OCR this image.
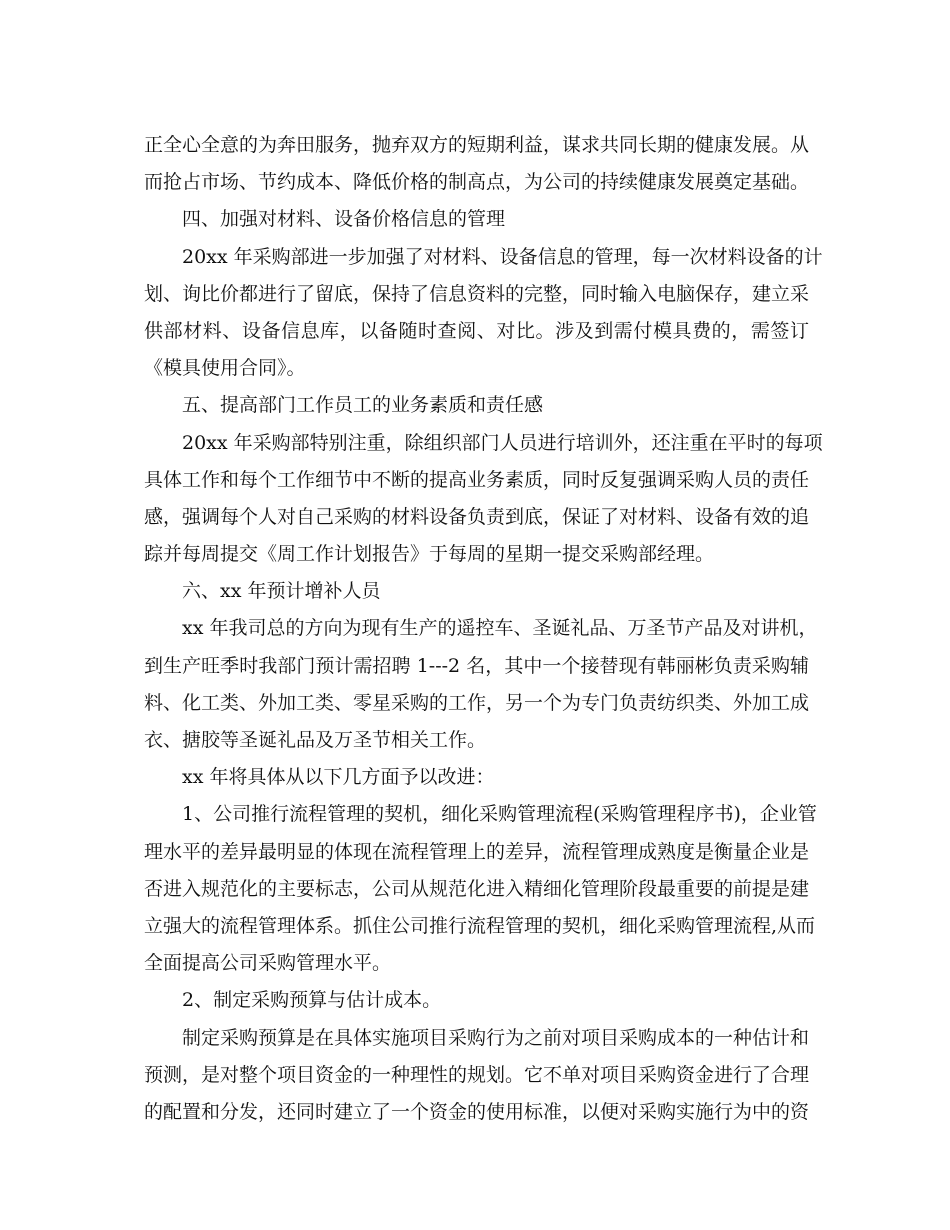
正全心全意的为奔田服务，抛弃双方的短期利益，谋求共同长期的健康发展。从
而抢占市场、节约成本、降低价格的制高点，为公司的持续健康发展奠定基础。

四、加强对材料、设备价格信息的管理

20xx 年采购部进一步加强了对材料、设备信息的管理，每一次材料设备的计
划、询比价都进行了留底，保持了信息资料的完整，同时输入电脑保存，建立采
供部材料、设备信息库，以备随时查阅、对比。涉及到需付模具费的，需签订
《模具使用合同》。

五、提高部门工作员工的业务素质和责任感

20xx 年采购部特别注重，除组织部门人员进行培训外，还注重在平时的每项
具体工作和每个工作细节中不断的提高业务素质，同时反复强调采购人员的责任
感，强调每个人对自己采购的材料设备负责到底，保证了对材料、设备有效的追
踪并每周提交《周工作计划报告》于每周的星期一提交采购部经理。

六、xx 年预计增补人员

xx 年我司总的方向为现有生产的遥控车、圣诞礼品、万圣节产品及对讲机，
到生产旺季时我部门预计需招聘 1---2 名，其中一个接替现有韩丽彬负责采购辅
料、化工类、外加工类、零星采购的工作，另一个为专门负责纺织类、外加工成
衣、搪胶等圣诞礼品及万圣节相关工作。

xx 年将具体从以下几方面予以改进：

1、公司推行流程管理的契机，细化采购管理流程(采购管理程序书)，企业管
理水平的差异最明显的体现在流程管理上的差异，流程管理成熟度是衡量企业是
否进入规范化的主要标志，公司从规范化进入精细化管理阶段最重要的前提是建
立强大的流程管理体系。抓住公司推行流程管理的契机，细化采购管理流程,从而
全面提高公司采购管理水平。

2、制定采购预算与估计成本。

制定采购预算是在具体实施项目采购行为之前对项目采购成本的一种估计和
预测，是对整个项目资金的一种理性的规划。它不单对项目采购资金进行了合理
的配置和分发，还同时建立了一个资金的使用标准，以便对采购实施行为中的资
